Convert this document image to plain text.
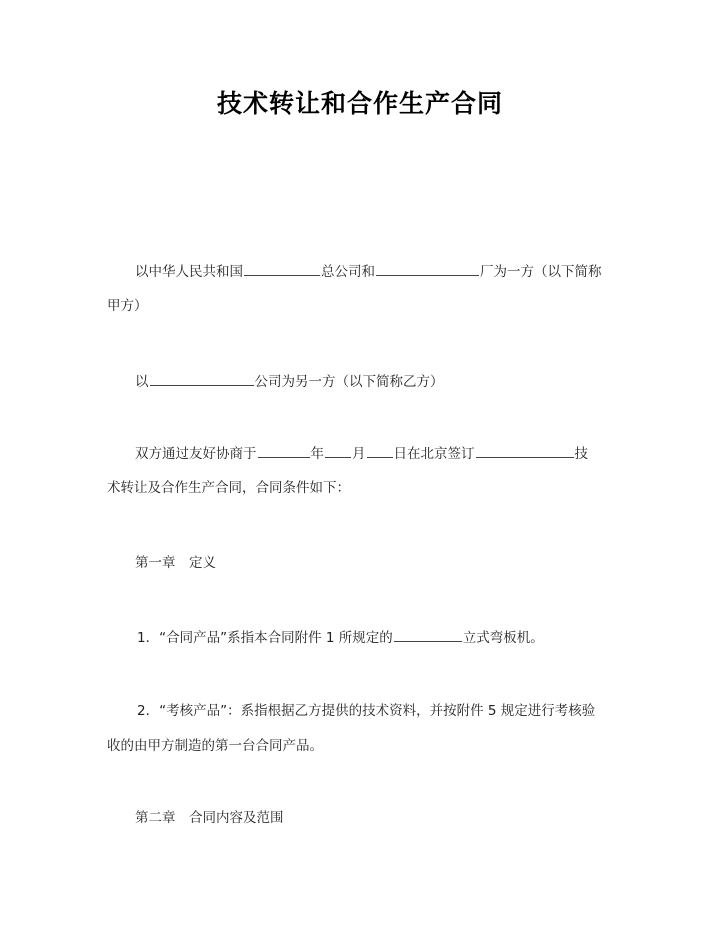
技术转让和合作生产合同
以中华人民共和国	总公司和	厂为一方（以下简称
甲方）
以	公司为另一方（以下简称乙方）
双方通过友好协商于	年 月 日在北京签订	技
术转让及合作生产合同，合同条件如下：
第一章　定义
1．“合同产品”系指本合同附件 1 所规定的	立式弯板机。
2．“考核产品”：系指根据乙方提供的技术资料，并按附件 5 规定进行考核验
收的由甲方制造的第一台合同产品。
第二章　合同内容及范围
